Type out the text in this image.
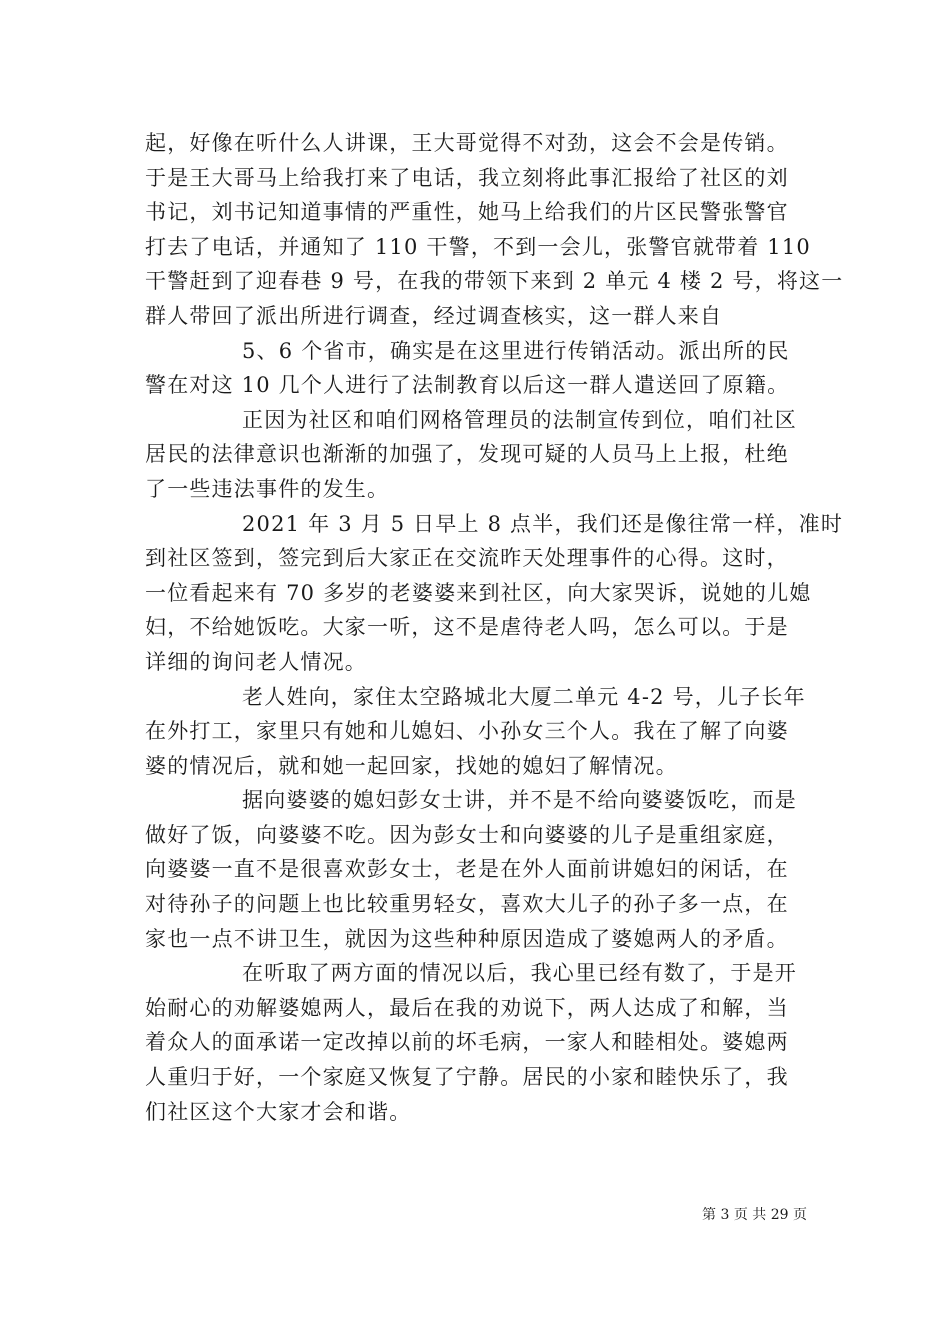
起，好像在听什么人讲课，王大哥觉得不对劲，这会不会是传销。
于是王大哥马上给我打来了电话，我立刻将此事汇报给了社区的刘
书记，刘书记知道事情的严重性，她马上给我们的片区民警张警官
打去了电话，并通知了 110 干警，不到一会儿，张警官就带着 110
干警赶到了迎春巷 9 号，在我的带领下来到 2 单元 4 楼 2 号，将这一
群人带回了派出所进行调查，经过调查核实，这一群人来自
5、6 个省市，确实是在这里进行传销活动。派出所的民
警在对这 10 几个人进行了法制教育以后这一群人遣送回了原籍。
正因为社区和咱们网格管理员的法制宣传到位，咱们社区
居民的法律意识也渐渐的加强了，发现可疑的人员马上上报，杜绝
了一些违法事件的发生。
2021 年 3 月 5 日早上 8 点半，我们还是像往常一样，准时
到社区签到，签完到后大家正在交流昨天处理事件的心得。这时，
一位看起来有 70 多岁的老婆婆来到社区，向大家哭诉，说她的儿媳
妇，不给她饭吃。大家一听，这不是虐待老人吗，怎么可以。于是
详细的询问老人情况。
老人姓向，家住太空路城北大厦二单元 4-2 号，儿子长年
在外打工，家里只有她和儿媳妇、小孙女三个人。我在了解了向婆
婆的情况后，就和她一起回家，找她的媳妇了解情况。
据向婆婆的媳妇彭女士讲，并不是不给向婆婆饭吃，而是
做好了饭，向婆婆不吃。因为彭女士和向婆婆的儿子是重组家庭，
向婆婆一直不是很喜欢彭女士，老是在外人面前讲媳妇的闲话，在
对待孙子的问题上也比较重男轻女，喜欢大儿子的孙子多一点，在
家也一点不讲卫生，就因为这些种种原因造成了婆媳两人的矛盾。
在听取了两方面的情况以后，我心里已经有数了，于是开
始耐心的劝解婆媳两人，最后在我的劝说下，两人达成了和解，当
着众人的面承诺一定改掉以前的坏毛病，一家人和睦相处。婆媳两
人重归于好，一个家庭又恢复了宁静。居民的小家和睦快乐了，我
们社区这个大家才会和谐。
第 3 页 共 29 页
